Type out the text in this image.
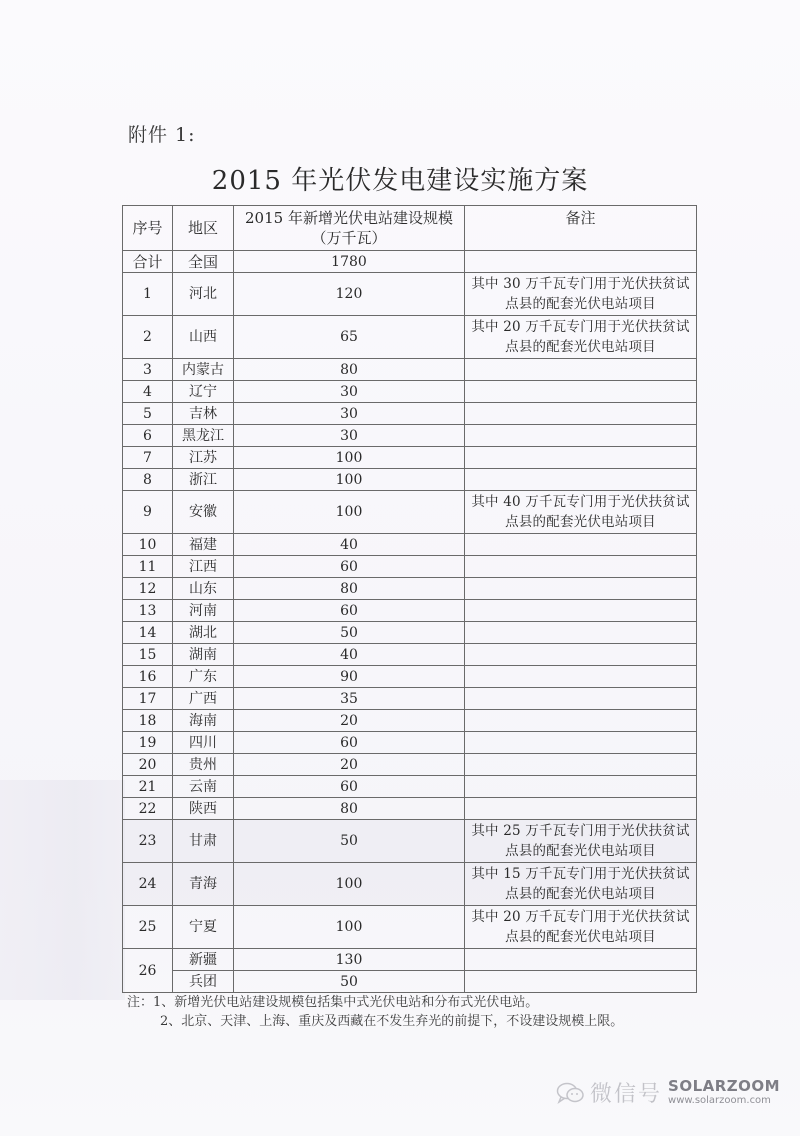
附件 1:
2015 年光伏发电建设实施方案
序号	地区	2015 年新增光伏电站建设规模（万千瓦）	备注
合计	全国	1780	
1	河北	120	其中 30 万千瓦专门用于光伏扶贫试点县的配套光伏电站项目
2	山西	65	其中 20 万千瓦专门用于光伏扶贫试点县的配套光伏电站项目
3	内蒙古	80	
4	辽宁	30	
5	吉林	30	
6	黑龙江	30	
7	江苏	100	
8	浙江	100	
9	安徽	100	其中 40 万千瓦专门用于光伏扶贫试点县的配套光伏电站项目
10	福建	40	
11	江西	60	
12	山东	80	
13	河南	60	
14	湖北	50	
15	湖南	40	
16	广东	90	
17	广西	35	
18	海南	20	
19	四川	60	
20	贵州	20	
21	云南	60	
22	陕西	80	
23	甘肃	50	其中 25 万千瓦专门用于光伏扶贫试点县的配套光伏电站项目
24	青海	100	其中 15 万千瓦专门用于光伏扶贫试点县的配套光伏电站项目
25	宁夏	100	其中 20 万千瓦专门用于光伏扶贫试点县的配套光伏电站项目
26	新疆	130	
	兵团	50	
注：1、新增光伏电站建设规模包括集中式光伏电站和分布式光伏电站。
2、北京、天津、上海、重庆及西藏在不发生弃光的前提下，不设建设规模上限。
微信号 SOLARZOOM
www.solarzoom.com
